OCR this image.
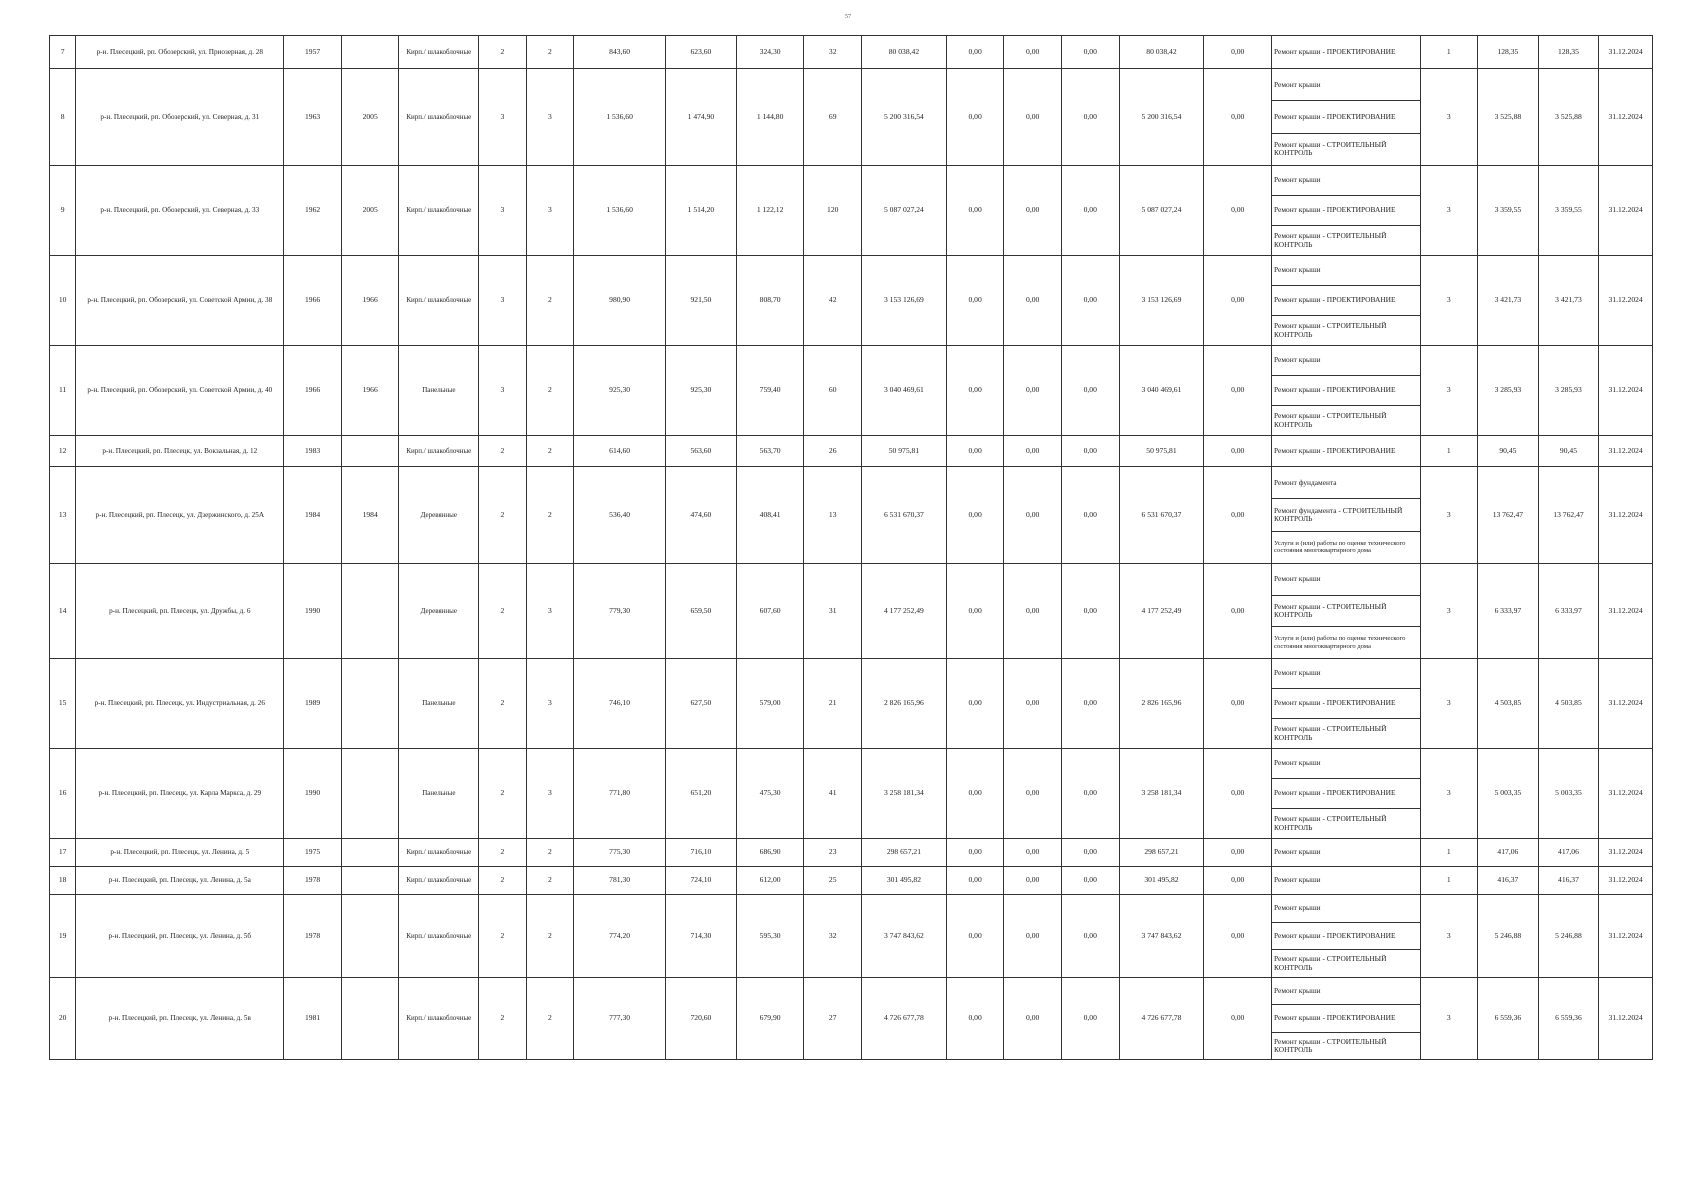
57
7	р-н. Плесецкий, рп. Обозерский, ул. Приозерная, д. 28	1957		Кирп./ шлакоблочные	2	2	843,60	623,60	324,30	32	80 038,42	0,00	0,00	0,00	80 038,42	0,00	Ремонт крыши - ПРОЕКТИРОВАНИЕ	1	128,35	128,35	31.12.2024
8	р-н. Плесецкий, рп. Обозерский, ул. Северная, д. 31	1963	2005	Кирп./ шлакоблочные	3	3	1 536,60	1 474,90	1 144,80	69	5 200 316,54	0,00	0,00	0,00	5 200 316,54	0,00	Ремонт крыши
Ремонт крыши - ПРОЕКТИРОВАНИЕ
Ремонт крыши - СТРОИТЕЛЬНЫЙ КОНТРОЛЬ	3	3 525,88	3 525,88	31.12.2024
9	р-н. Плесецкий, рп. Обозерский, ул. Северная, д. 33	1962	2005	Кирп./ шлакоблочные	3	3	1 536,60	1 514,20	1 122,12	120	5 087 027,24	0,00	0,00	0,00	5 087 027,24	0,00	Ремонт крыши
Ремонт крыши - ПРОЕКТИРОВАНИЕ
Ремонт крыши - СТРОИТЕЛЬНЫЙ КОНТРОЛЬ	3	3 359,55	3 359,55	31.12.2024
10	р-н. Плесецкий, рп. Обозерский, ул. Советской Армии, д. 38	1966	1966	Кирп./ шлакоблочные	3	2	980,90	921,50	808,70	42	3 153 126,69	0,00	0,00	0,00	3 153 126,69	0,00	Ремонт крыши
Ремонт крыши - ПРОЕКТИРОВАНИЕ
Ремонт крыши - СТРОИТЕЛЬНЫЙ КОНТРОЛЬ	3	3 421,73	3 421,73	31.12.2024
11	р-н. Плесецкий, рп. Обозерский, ул. Советской Армии, д. 40	1966	1966	Панельные	3	2	925,30	925,30	759,40	60	3 040 469,61	0,00	0,00	0,00	3 040 469,61	0,00	Ремонт крыши
Ремонт крыши - ПРОЕКТИРОВАНИЕ
Ремонт крыши - СТРОИТЕЛЬНЫЙ КОНТРОЛЬ	3	3 285,93	3 285,93	31.12.2024
12	р-н. Плесецкий, рп. Плесецк, ул. Вокзальная, д. 12	1983		Кирп./ шлакоблочные	2	2	614,60	563,60	563,70	26	50 975,81	0,00	0,00	0,00	50 975,81	0,00	Ремонт крыши - ПРОЕКТИРОВАНИЕ	1	90,45	90,45	31.12.2024
13	р-н. Плесецкий, рп. Плесецк, ул. Дзержинского, д. 25А	1984	1984	Деревянные	2	2	536,40	474,60	408,41	13	6 531 670,37	0,00	0,00	0,00	6 531 670,37	0,00	Ремонт фундамента
Ремонт фундамента - СТРОИТЕЛЬНЫЙ КОНТРОЛЬ
Услуги и (или) работы по оценке технического состояния многоквартирного дома	3	13 762,47	13 762,47	31.12.2024
14	р-н. Плесецкий, рп. Плесецк, ул. Дружбы, д. 6	1990		Деревянные	2	3	779,30	659,50	607,60	31	4 177 252,49	0,00	0,00	0,00	4 177 252,49	0,00	Ремонт крыши
Ремонт крыши - СТРОИТЕЛЬНЫЙ КОНТРОЛЬ
Услуги и (или) работы по оценке технического состояния многоквартирного дома	3	6 333,97	6 333,97	31.12.2024
15	р-н. Плесецкий, рп. Плесецк, ул. Индустриальная, д. 26	1989		Панельные	2	3	746,10	627,50	579,00	21	2 826 165,96	0,00	0,00	0,00	2 826 165,96	0,00	Ремонт крыши
Ремонт крыши - ПРОЕКТИРОВАНИЕ
Ремонт крыши - СТРОИТЕЛЬНЫЙ КОНТРОЛЬ	3	4 503,85	4 503,85	31.12.2024
16	р-н. Плесецкий, рп. Плесецк, ул. Карла Маркса, д. 29	1990		Панельные	2	3	771,80	651,20	475,30	41	3 258 181,34	0,00	0,00	0,00	3 258 181,34	0,00	Ремонт крыши
Ремонт крыши - ПРОЕКТИРОВАНИЕ
Ремонт крыши - СТРОИТЕЛЬНЫЙ КОНТРОЛЬ	3	5 003,35	5 003,35	31.12.2024
17	р-н. Плесецкий, рп. Плесецк, ул. Ленина, д. 5	1975		Кирп./ шлакоблочные	2	2	775,30	716,10	686,90	23	298 657,21	0,00	0,00	0,00	298 657,21	0,00	Ремонт крыши	1	417,06	417,06	31.12.2024
18	р-н. Плесецкий, рп. Плесецк, ул. Ленина, д. 5а	1978		Кирп./ шлакоблочные	2	2	781,30	724,10	612,00	25	301 495,82	0,00	0,00	0,00	301 495,82	0,00	Ремонт крыши	1	416,37	416,37	31.12.2024
19	р-н. Плесецкий, рп. Плесецк, ул. Ленина, д. 5б	1978		Кирп./ шлакоблочные	2	2	774,20	714,30	595,30	32	3 747 843,62	0,00	0,00	0,00	3 747 843,62	0,00	Ремонт крыши
Ремонт крыши - ПРОЕКТИРОВАНИЕ
Ремонт крыши - СТРОИТЕЛЬНЫЙ КОНТРОЛЬ	3	5 246,88	5 246,88	31.12.2024
20	р-н. Плесецкий, рп. Плесецк, ул. Ленина, д. 5в	1981		Кирп./ шлакоблочные	2	2	777,30	720,60	679,90	27	4 726 677,78	0,00	0,00	0,00	4 726 677,78	0,00	Ремонт крыши
Ремонт крыши - ПРОЕКТИРОВАНИЕ
Ремонт крыши - СТРОИТЕЛЬНЫЙ КОНТРОЛЬ	3	6 559,36	6 559,36	31.12.2024
